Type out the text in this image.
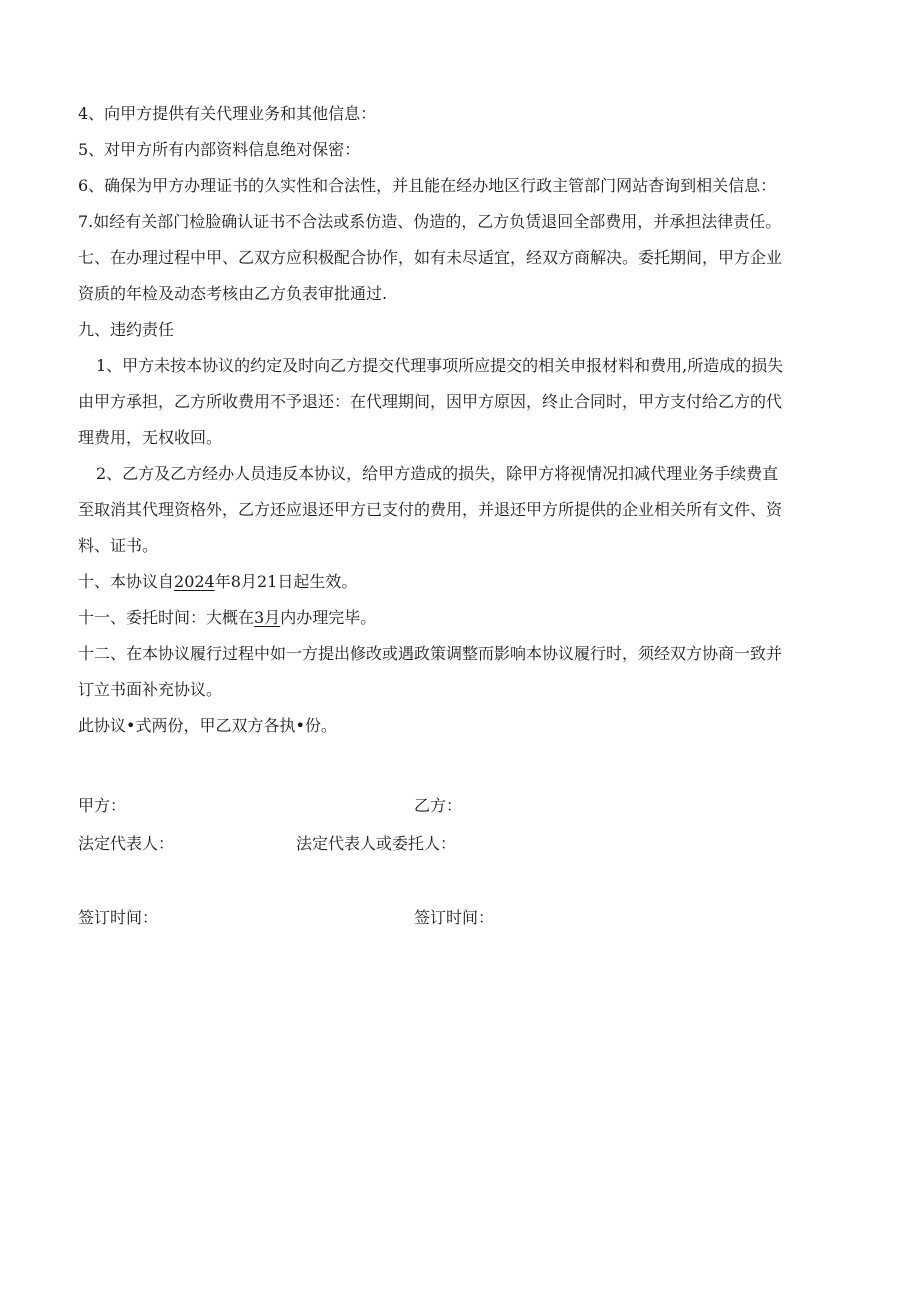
4、向甲方提供有关代理业务和其他信息：
5、对甲方所有内部资料信息绝对保密：
6、确保为甲方办理证书的久实性和合法性，并且能在经办地区行政主管部门网站杳询到相关信息：
7.如经有关部门检脸确认证书不合法或系仿造、伪造的，乙方负赁退回全部费用，并承担法律责任。
七、在办理过程中甲、乙双方应积极配合协作，如有未尽适宜，经双方商解决。委托期间，甲方企业
资质的年检及动态考核由乙方负表审批通过.
九、违约责任
1、甲方未按本协议的约定及时向乙方提交代理事项所应提交的相关申报材料和费用,所造成的损失
由甲方承担，乙方所收费用不予退还：在代理期间，因甲方原因，终止合同时，甲方支付给乙方的代
理费用，无权收回。
2、乙方及乙方经办人员违反本协议，给甲方造成的损失，除甲方将视情况扣减代理业务手续费直
至取消其代理资格外，乙方还应退还甲方已支付的费用，并退还甲方所提供的企业相关所有文件、资
料、证书。
十、本协议自2024年8月21日起生效。
十一、委托时间：大概在3月内办理完毕。
十二、在本协议履行过程中如一方提出修改或遇政策调整而影响本协议履行时，须经双方协商一致并
订立书面补充协议。
此协议•式两份，甲乙双方各执•份。
甲方：	乙方：
法定代表人：	法定代表人或委托人：
签订时间：	签订时间：
